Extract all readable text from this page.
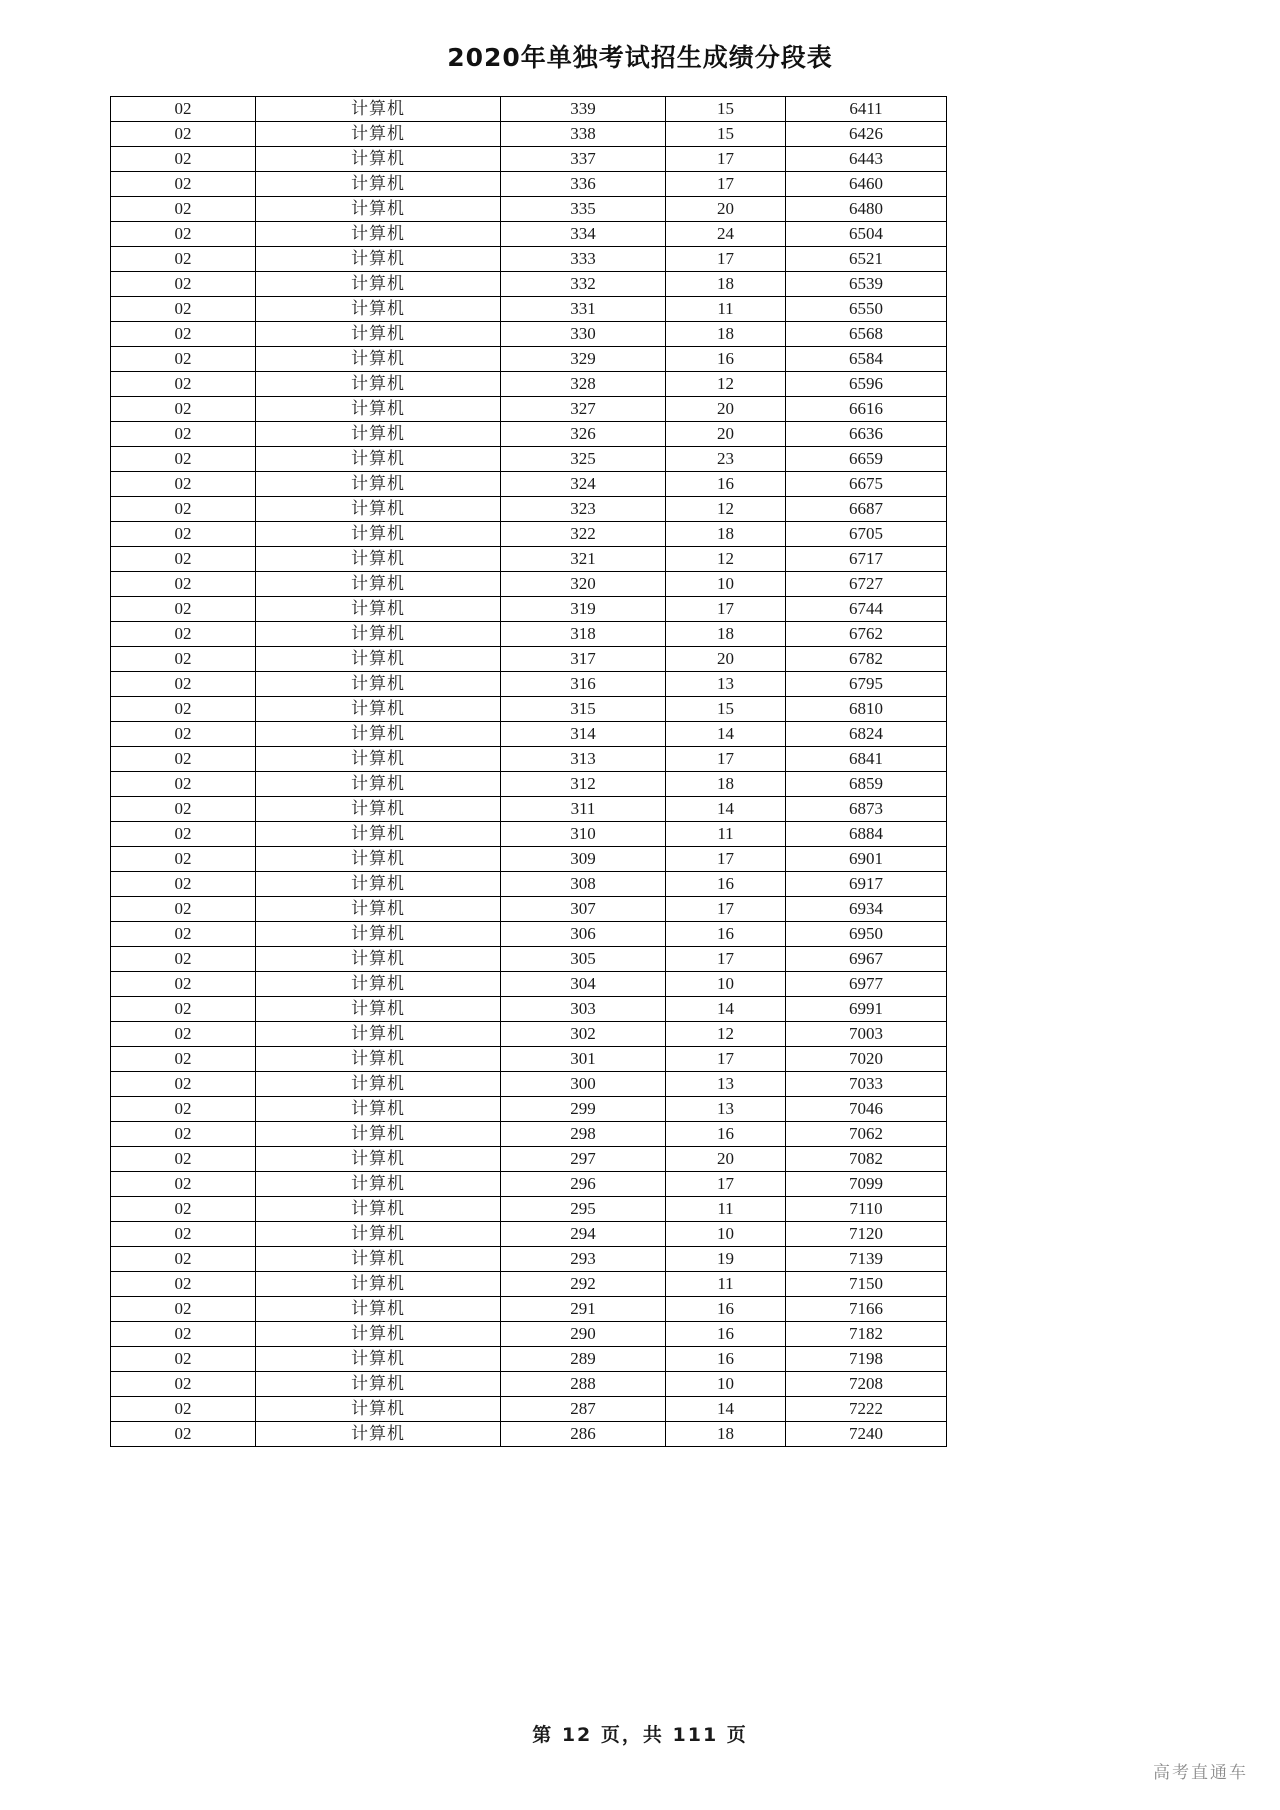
2020年单独考试招生成绩分段表
02	计算机	339	15	6411
02	计算机	338	15	6426
02	计算机	337	17	6443
02	计算机	336	17	6460
02	计算机	335	20	6480
02	计算机	334	24	6504
02	计算机	333	17	6521
02	计算机	332	18	6539
02	计算机	331	11	6550
02	计算机	330	18	6568
02	计算机	329	16	6584
02	计算机	328	12	6596
02	计算机	327	20	6616
02	计算机	326	20	6636
02	计算机	325	23	6659
02	计算机	324	16	6675
02	计算机	323	12	6687
02	计算机	322	18	6705
02	计算机	321	12	6717
02	计算机	320	10	6727
02	计算机	319	17	6744
02	计算机	318	18	6762
02	计算机	317	20	6782
02	计算机	316	13	6795
02	计算机	315	15	6810
02	计算机	314	14	6824
02	计算机	313	17	6841
02	计算机	312	18	6859
02	计算机	311	14	6873
02	计算机	310	11	6884
02	计算机	309	17	6901
02	计算机	308	16	6917
02	计算机	307	17	6934
02	计算机	306	16	6950
02	计算机	305	17	6967
02	计算机	304	10	6977
02	计算机	303	14	6991
02	计算机	302	12	7003
02	计算机	301	17	7020
02	计算机	300	13	7033
02	计算机	299	13	7046
02	计算机	298	16	7062
02	计算机	297	20	7082
02	计算机	296	17	7099
02	计算机	295	11	7110
02	计算机	294	10	7120
02	计算机	293	19	7139
02	计算机	292	11	7150
02	计算机	291	16	7166
02	计算机	290	16	7182
02	计算机	289	16	7198
02	计算机	288	10	7208
02	计算机	287	14	7222
02	计算机	286	18	7240
第 12 页，共 111 页
高考直通车
